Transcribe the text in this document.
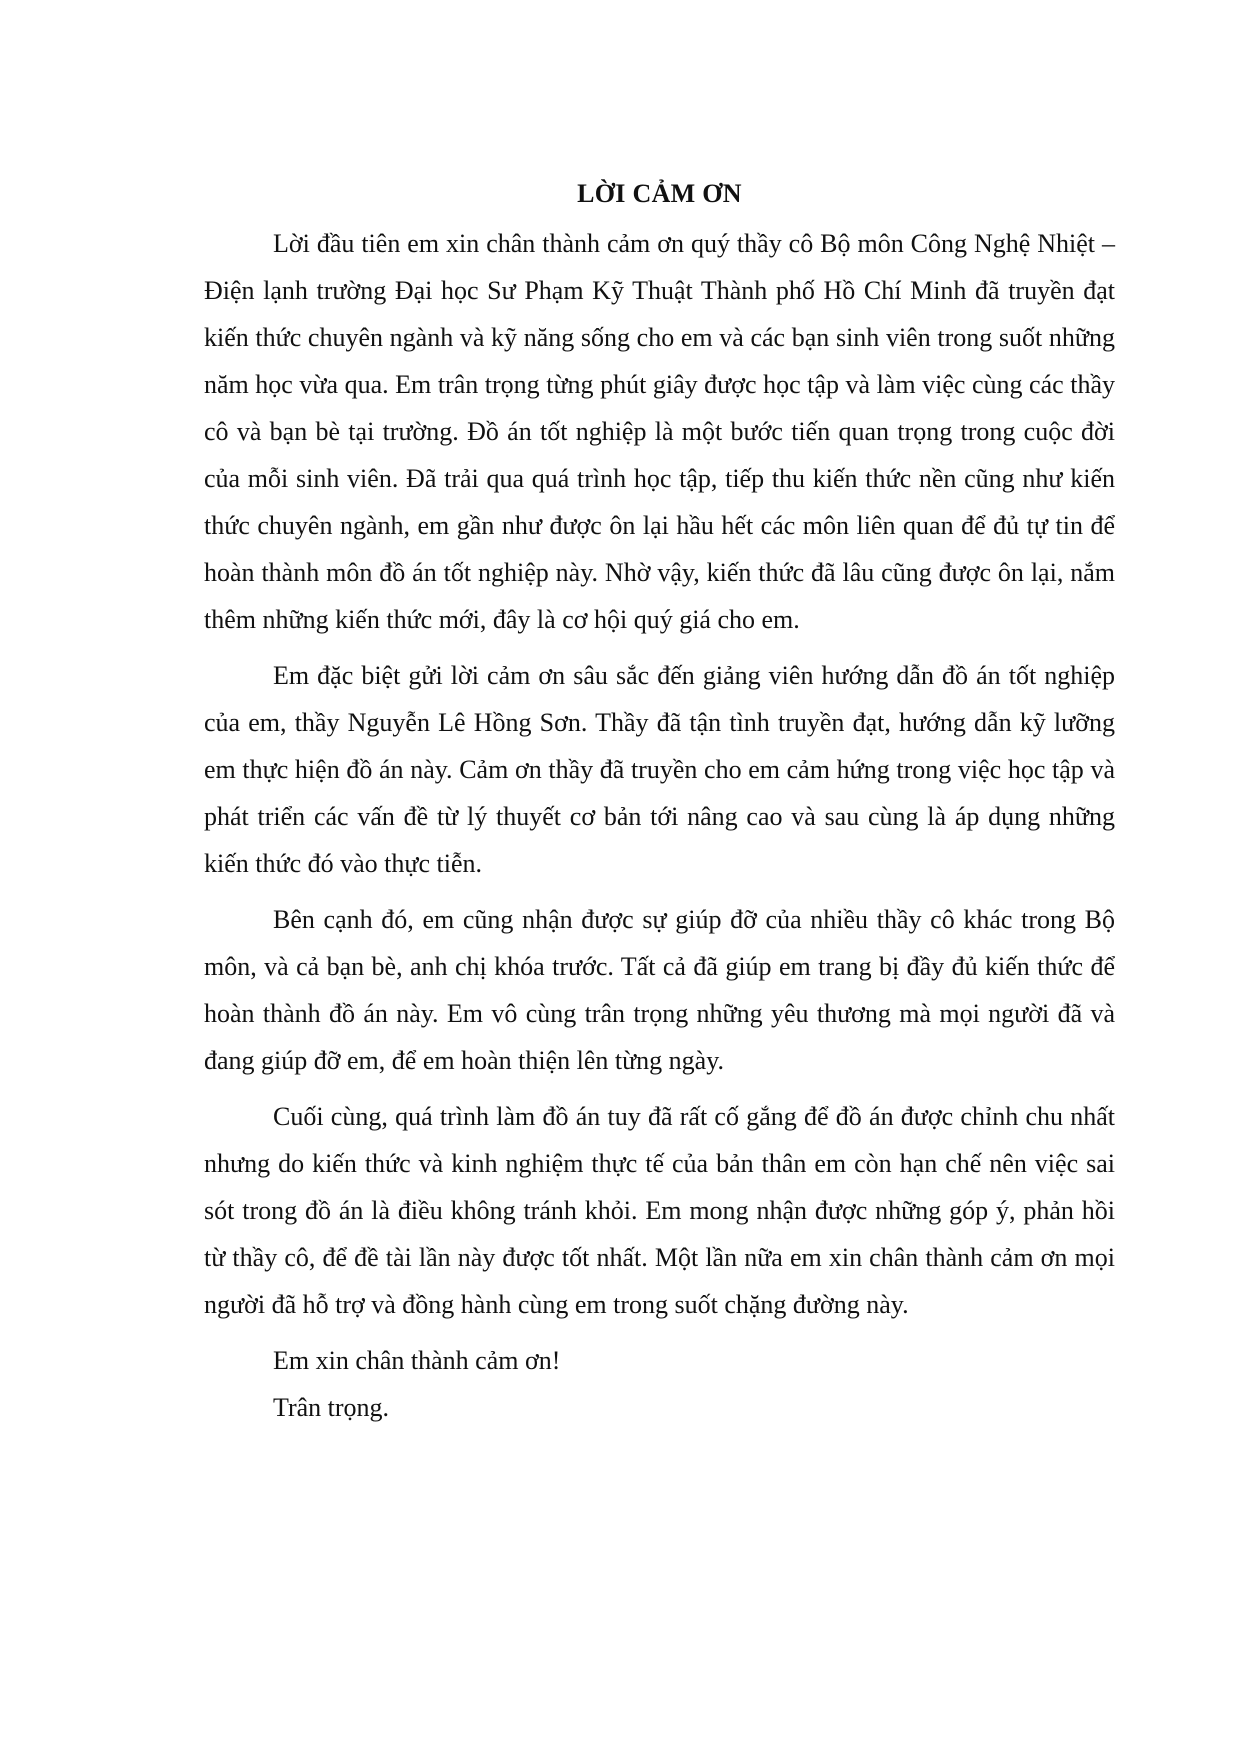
LỜI CẢM ƠN

Lời đầu tiên em xin chân thành cảm ơn quý thầy cô Bộ môn Công Nghệ Nhiệt – Điện lạnh trường Đại học Sư Phạm Kỹ Thuật Thành phố Hồ Chí Minh đã truyền đạt kiến thức chuyên ngành và kỹ năng sống cho em và các bạn sinh viên trong suốt những năm học vừa qua. Em trân trọng từng phút giây được học tập và làm việc cùng các thầy cô và bạn bè tại trường. Đồ án tốt nghiệp là một bước tiến quan trọng trong cuộc đời của mỗi sinh viên. Đã trải qua quá trình học tập, tiếp thu kiến thức nền cũng như kiến thức chuyên ngành, em gần như được ôn lại hầu hết các môn liên quan để đủ tự tin để hoàn thành môn đồ án tốt nghiệp này. Nhờ vậy, kiến thức đã lâu cũng được ôn lại, nắm thêm những kiến thức mới, đây là cơ hội quý giá cho em.

Em đặc biệt gửi lời cảm ơn sâu sắc đến giảng viên hướng dẫn đồ án tốt nghiệp của em, thầy Nguyễn Lê Hồng Sơn. Thầy đã tận tình truyền đạt, hướng dẫn kỹ lưỡng em thực hiện đồ án này. Cảm ơn thầy đã truyền cho em cảm hứng trong việc học tập và phát triển các vấn đề từ lý thuyết cơ bản tới nâng cao và sau cùng là áp dụng những kiến thức đó vào thực tiễn.

Bên cạnh đó, em cũng nhận được sự giúp đỡ của nhiều thầy cô khác trong Bộ môn, và cả bạn bè, anh chị khóa trước. Tất cả đã giúp em trang bị đầy đủ kiến thức để hoàn thành đồ án này. Em vô cùng trân trọng những yêu thương mà mọi người đã và đang giúp đỡ em, để em hoàn thiện lên từng ngày.

Cuối cùng, quá trình làm đồ án tuy đã rất cố gắng để đồ án được chỉnh chu nhất nhưng do kiến thức và kinh nghiệm thực tế của bản thân em còn hạn chế nên việc sai sót trong đồ án là điều không tránh khỏi. Em mong nhận được những góp ý, phản hồi từ thầy cô, để đề tài lần này được tốt nhất. Một lần nữa em xin chân thành cảm ơn mọi người đã hỗ trợ và đồng hành cùng em trong suốt chặng đường này.

Em xin chân thành cảm ơn!

Trân trọng.
